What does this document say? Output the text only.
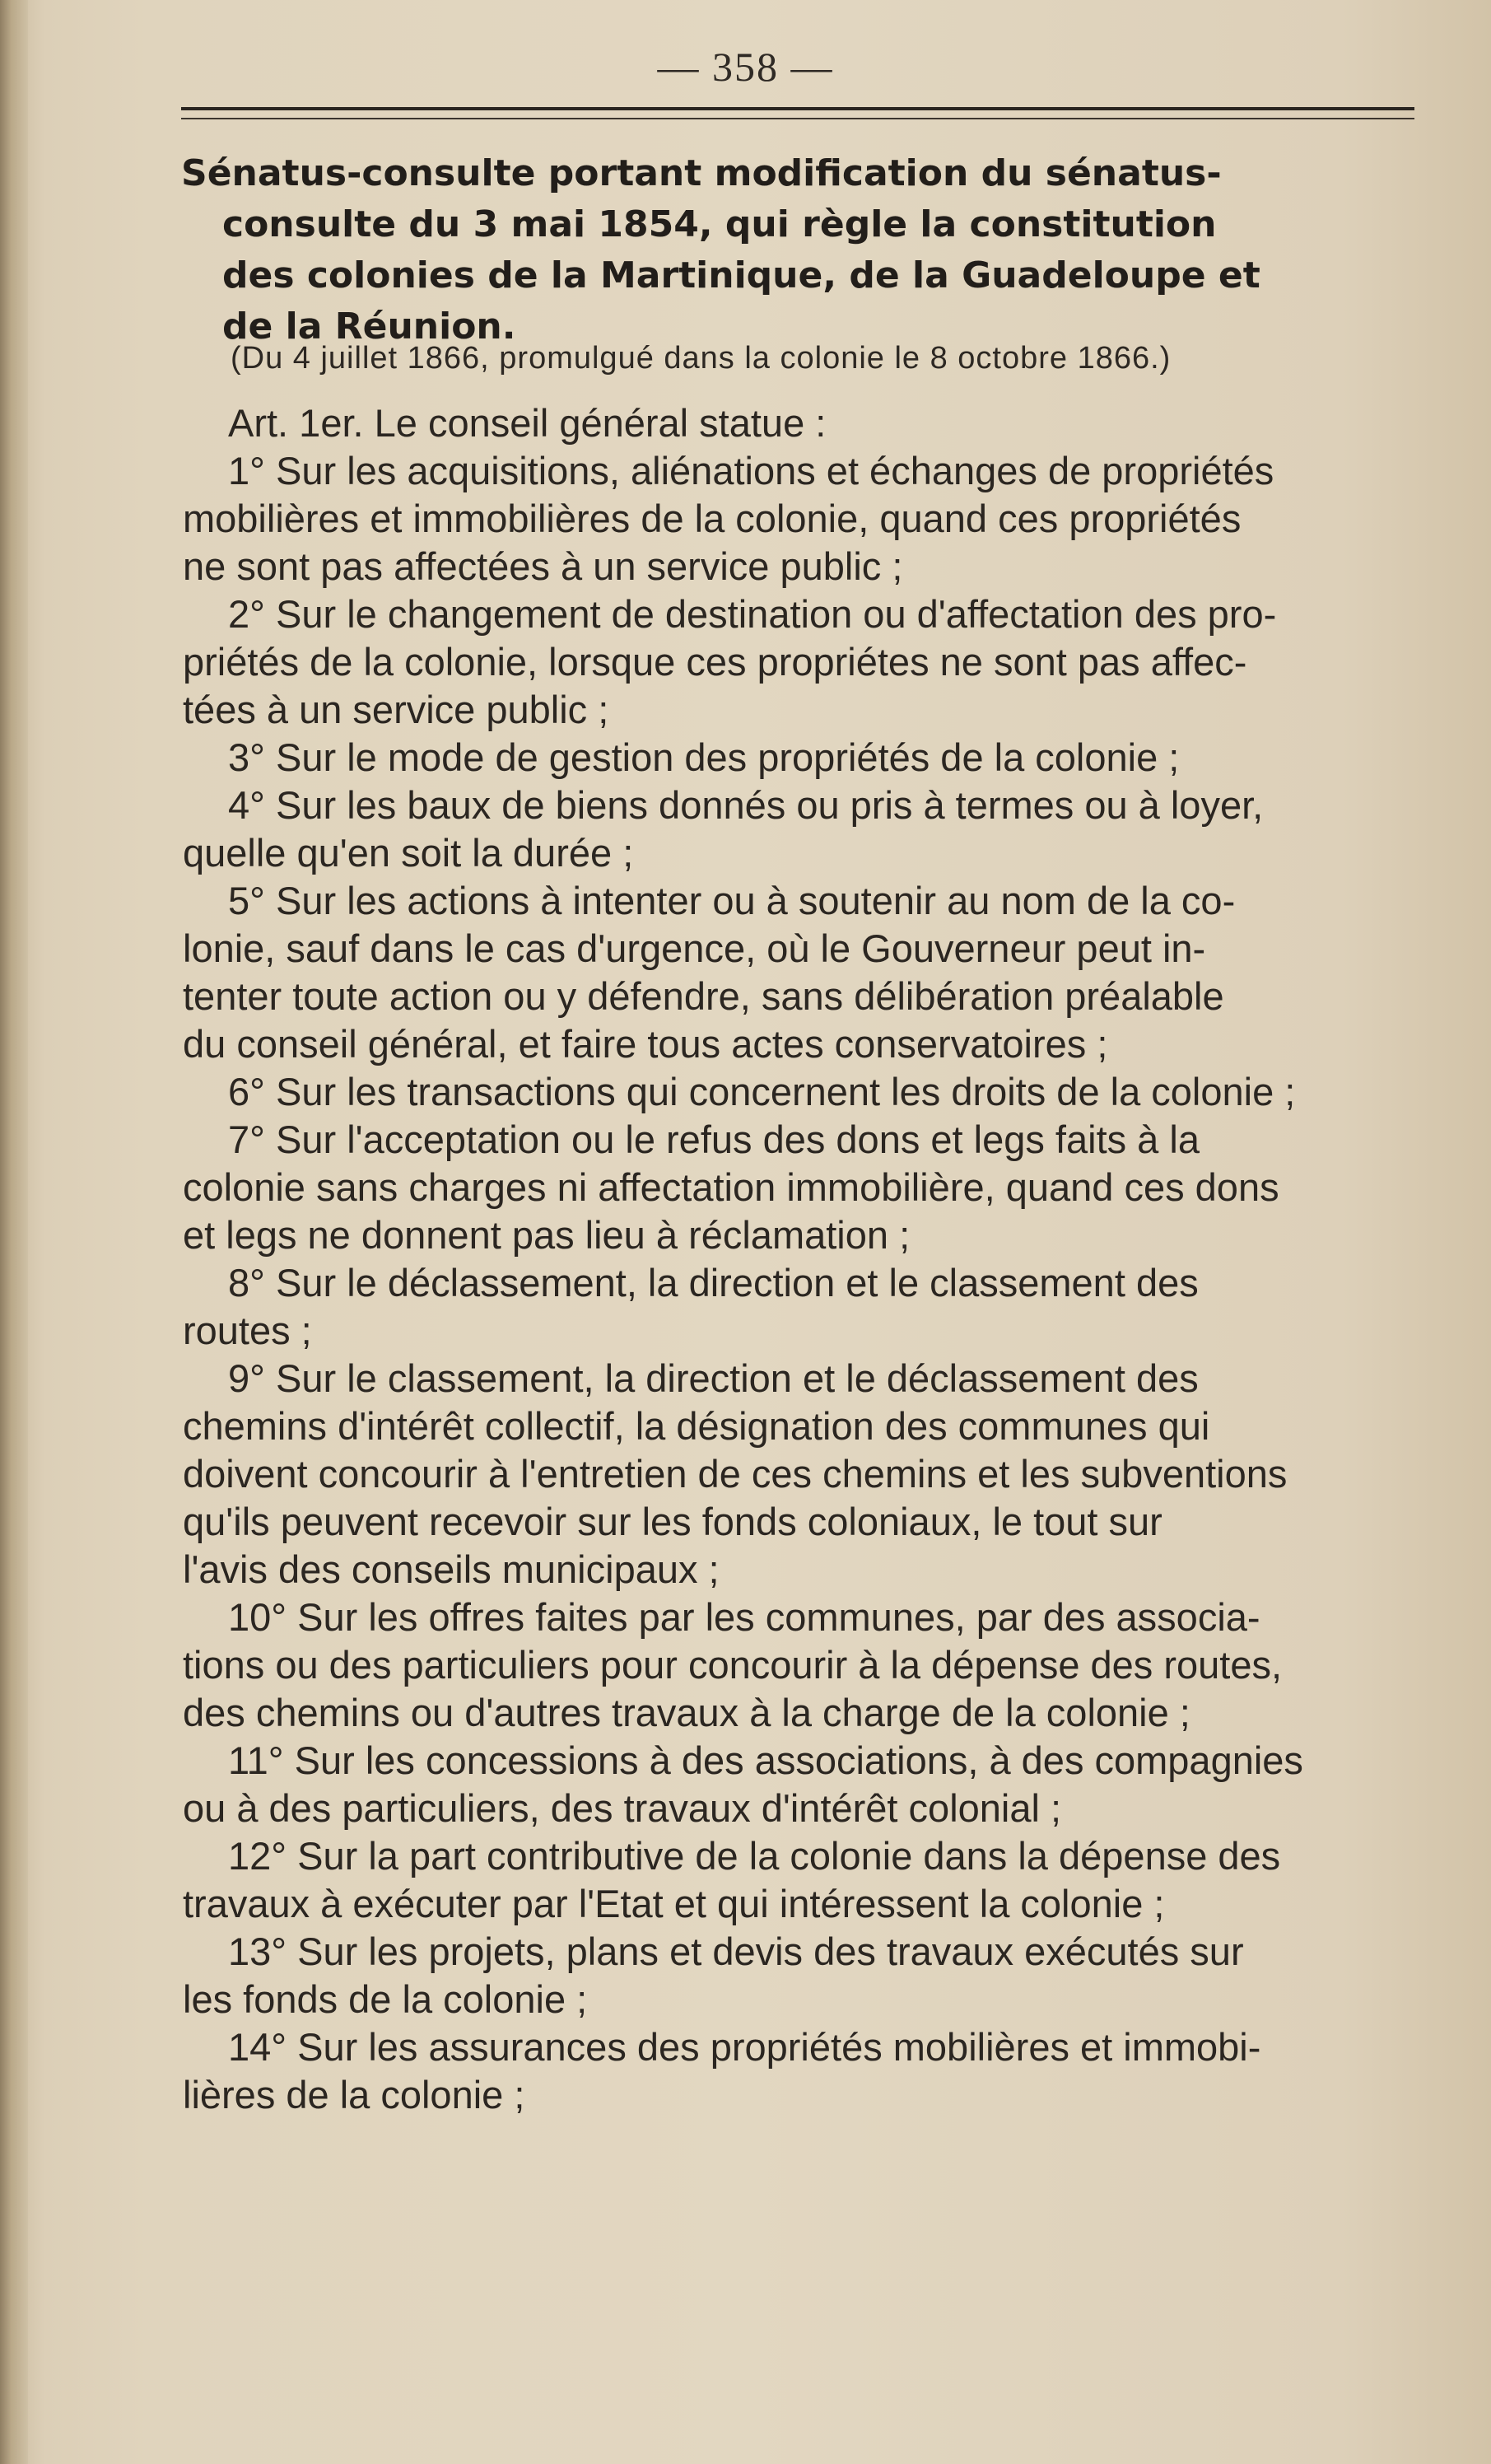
— 358 —
Sénatus-consulte portant modification du sénatus-
consulte du 3 mai 1854, qui règle la constitution
des colonies de la Martinique, de la Guadeloupe et
de la Réunion.
(Du 4 juillet 1866, promulgué dans la colonie le 8 octobre 1866.)
Art. 1er. Le conseil général statue :
1° Sur les acquisitions, aliénations et échanges de propriétés
mobilières et immobilières de la colonie, quand ces propriétés
ne sont pas affectées à un service public ;
2° Sur le changement de destination ou d'affectation des pro-
priétés de la colonie, lorsque ces propriétes ne sont pas affec-
tées à un service public ;
3° Sur le mode de gestion des propriétés de la colonie ;
4° Sur les baux de biens donnés ou pris à termes ou à loyer,
quelle qu'en soit la durée ;
5° Sur les actions à intenter ou à soutenir au nom de la co-
lonie, sauf dans le cas d'urgence, où le Gouverneur peut in-
tenter toute action ou y défendre, sans délibération préalable
du conseil général, et faire tous actes conservatoires ;
6° Sur les transactions qui concernent les droits de la colonie ;
7° Sur l'acceptation ou le refus des dons et legs faits à la
colonie sans charges ni affectation immobilière, quand ces dons
et legs ne donnent pas lieu à réclamation ;
8° Sur le déclassement, la direction et le classement des
routes ;
9° Sur le classement, la direction et le déclassement des
chemins d'intérêt collectif, la désignation des communes qui
doivent concourir à l'entretien de ces chemins et les subventions
qu'ils peuvent recevoir sur les fonds coloniaux, le tout sur
l'avis des conseils municipaux ;
10° Sur les offres faites par les communes, par des associa-
tions ou des particuliers pour concourir à la dépense des routes,
des chemins ou d'autres travaux à la charge de la colonie ;
11° Sur les concessions à des associations, à des compagnies
ou à des particuliers, des travaux d'intérêt colonial ;
12° Sur la part contributive de la colonie dans la dépense des
travaux à exécuter par l'Etat et qui intéressent la colonie ;
13° Sur les projets, plans et devis des travaux exécutés sur
les fonds de la colonie ;
14° Sur les assurances des propriétés mobilières et immobi-
lières de la colonie ;
